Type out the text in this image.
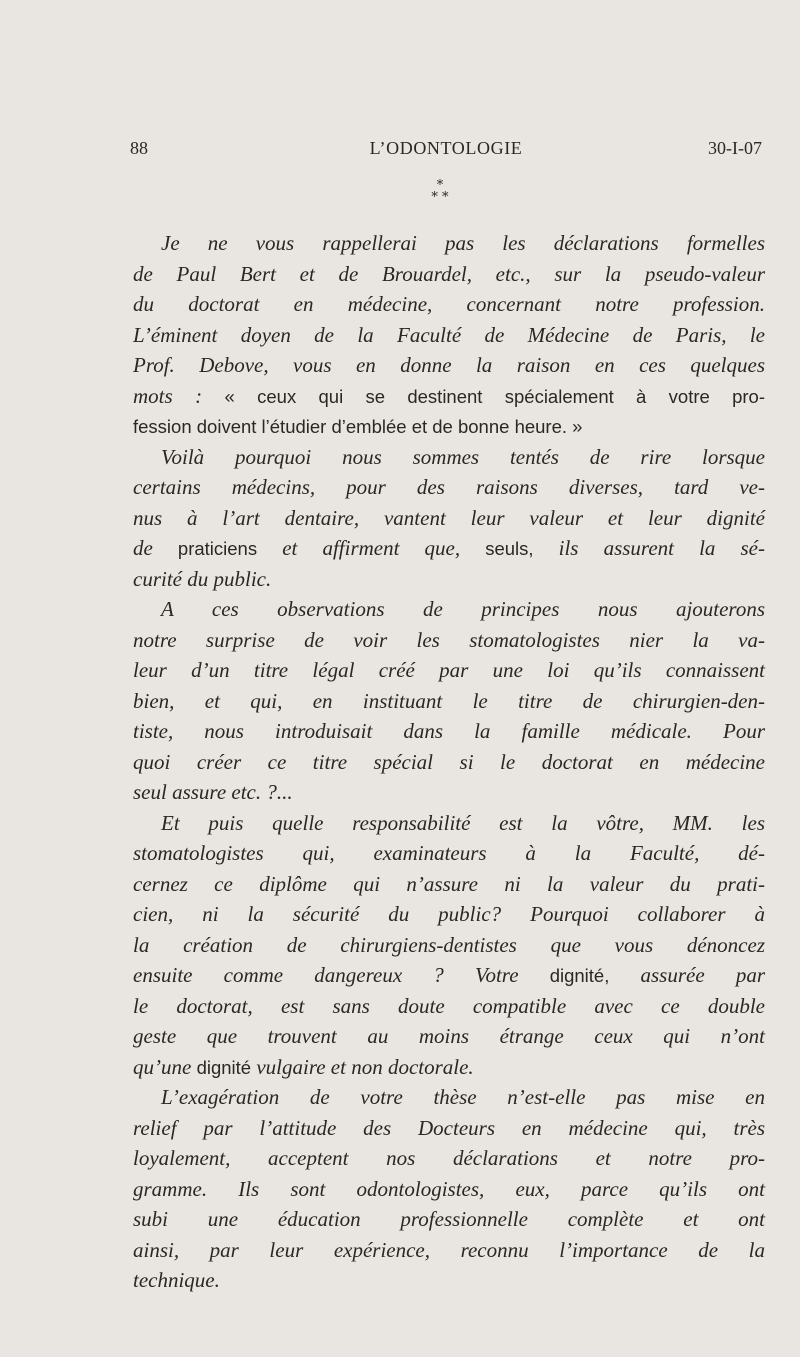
88	L’ODONTOLOGIE	30-I-07
*
* *
Je ne vous rappellerai pas les déclarations formelles
de Paul Bert et de Brouardel, etc., sur la pseudo-valeur
du doctorat en médecine, concernant notre profession.
L’éminent doyen de la Faculté de Médecine de Paris, le
Prof. Debove, vous en donne la raison en ces quelques
mots : « ceux qui se destinent spécialement à votre pro-
fession doivent l’étudier d’emblée et de bonne heure. »
Voilà pourquoi nous sommes tentés de rire lorsque
certains médecins, pour des raisons diverses, tard ve-
nus à l’art dentaire, vantent leur valeur et leur dignité
de praticiens et affirment que, seuls, ils assurent la sé-
curité du public.
A ces observations de principes nous ajouterons
notre surprise de voir les stomatologistes nier la va-
leur d’un titre légal créé par une loi qu’ils connaissent
bien, et qui, en instituant le titre de chirurgien-den-
tiste, nous introduisait dans la famille médicale. Pour
quoi créer ce titre spécial si le doctorat en médecine
seul assure etc. ?...
Et puis quelle responsabilité est la vôtre, MM. les
stomatologistes qui, examinateurs à la Faculté, dé-
cernez ce diplôme qui n’assure ni la valeur du prati-
cien, ni la sécurité du public? Pourquoi collaborer à
la création de chirurgiens-dentistes que vous dénoncez
ensuite comme dangereux ? Votre dignité, assurée par
le doctorat, est sans doute compatible avec ce double
geste que trouvent au moins étrange ceux qui n’ont
qu’une dignité vulgaire et non doctorale.
L’exagération de votre thèse n’est-elle pas mise en
relief par l’attitude des Docteurs en médecine qui, très
loyalement, acceptent nos déclarations et notre pro-
gramme. Ils sont odontologistes, eux, parce qu’ils ont
subi une éducation professionnelle complète et ont
ainsi, par leur expérience, reconnu l’importance de la
technique.
